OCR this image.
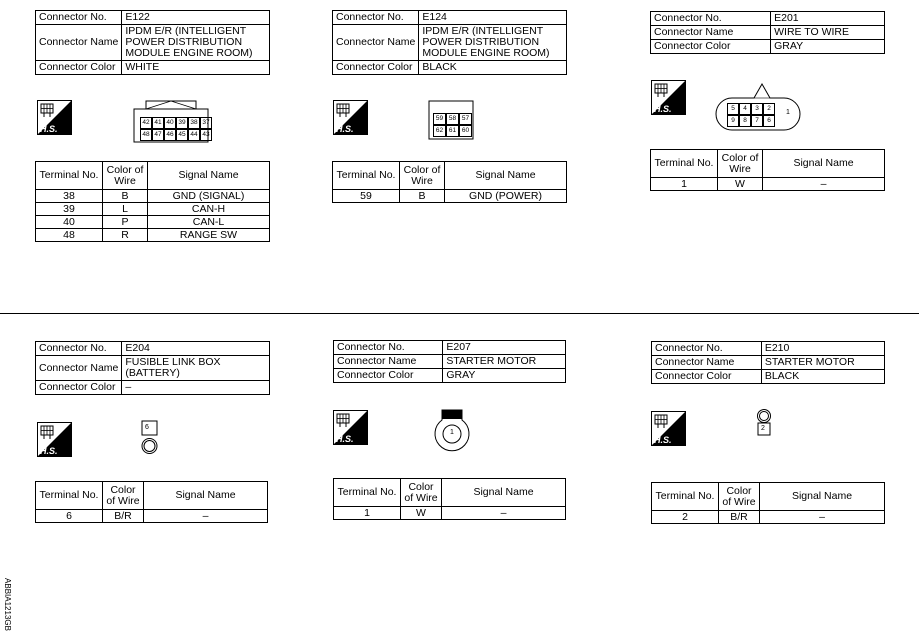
Connector No.	E122
Connector Name	IPDM E/R (INTELLIGENT POWER DISTRIBUTION MODULE ENGINE ROOM)
Connector Color	WHITE
H.S.
42 41 40 39 38 37
48 47 46 45 44 43
Terminal No.	Color of Wire	Signal Name
38	B	GND (SIGNAL)
39	L	CAN-H
40	P	CAN-L
48	R	RANGE SW
Connector No.	E124
Connector Name	IPDM E/R (INTELLIGENT POWER DISTRIBUTION MODULE ENGINE ROOM)
Connector Color	BLACK
H.S.
59 58 57
62 61 60
Terminal No.	Color of Wire	Signal Name
59	B	GND (POWER)
Connector No.	E201
Connector Name	WIRE TO WIRE
Connector Color	GRAY
H.S.	5	4	3	2
9	8	7	6
1
Terminal No.	Color of Wire	Signal Name
1	W	–
Connector No.	E204
Connector Name	FUSIBLE LINK BOX (BATTERY)
Connector Color	–
H.S.
6
Terminal No.	Color of Wire	Signal Name
6	B/R	–
Connector No.	E207
Connector Name	STARTER MOTOR
Connector Color	GRAY
H.S.
1
Terminal No.	Color of Wire	Signal Name
1	W	–
Connector No.	E210
Connector Name	STARTER MOTOR
Connector Color	BLACK
H.S.
2
Terminal No.	Color of Wire	Signal Name
2	B/R	–
ABBIA1213GB
